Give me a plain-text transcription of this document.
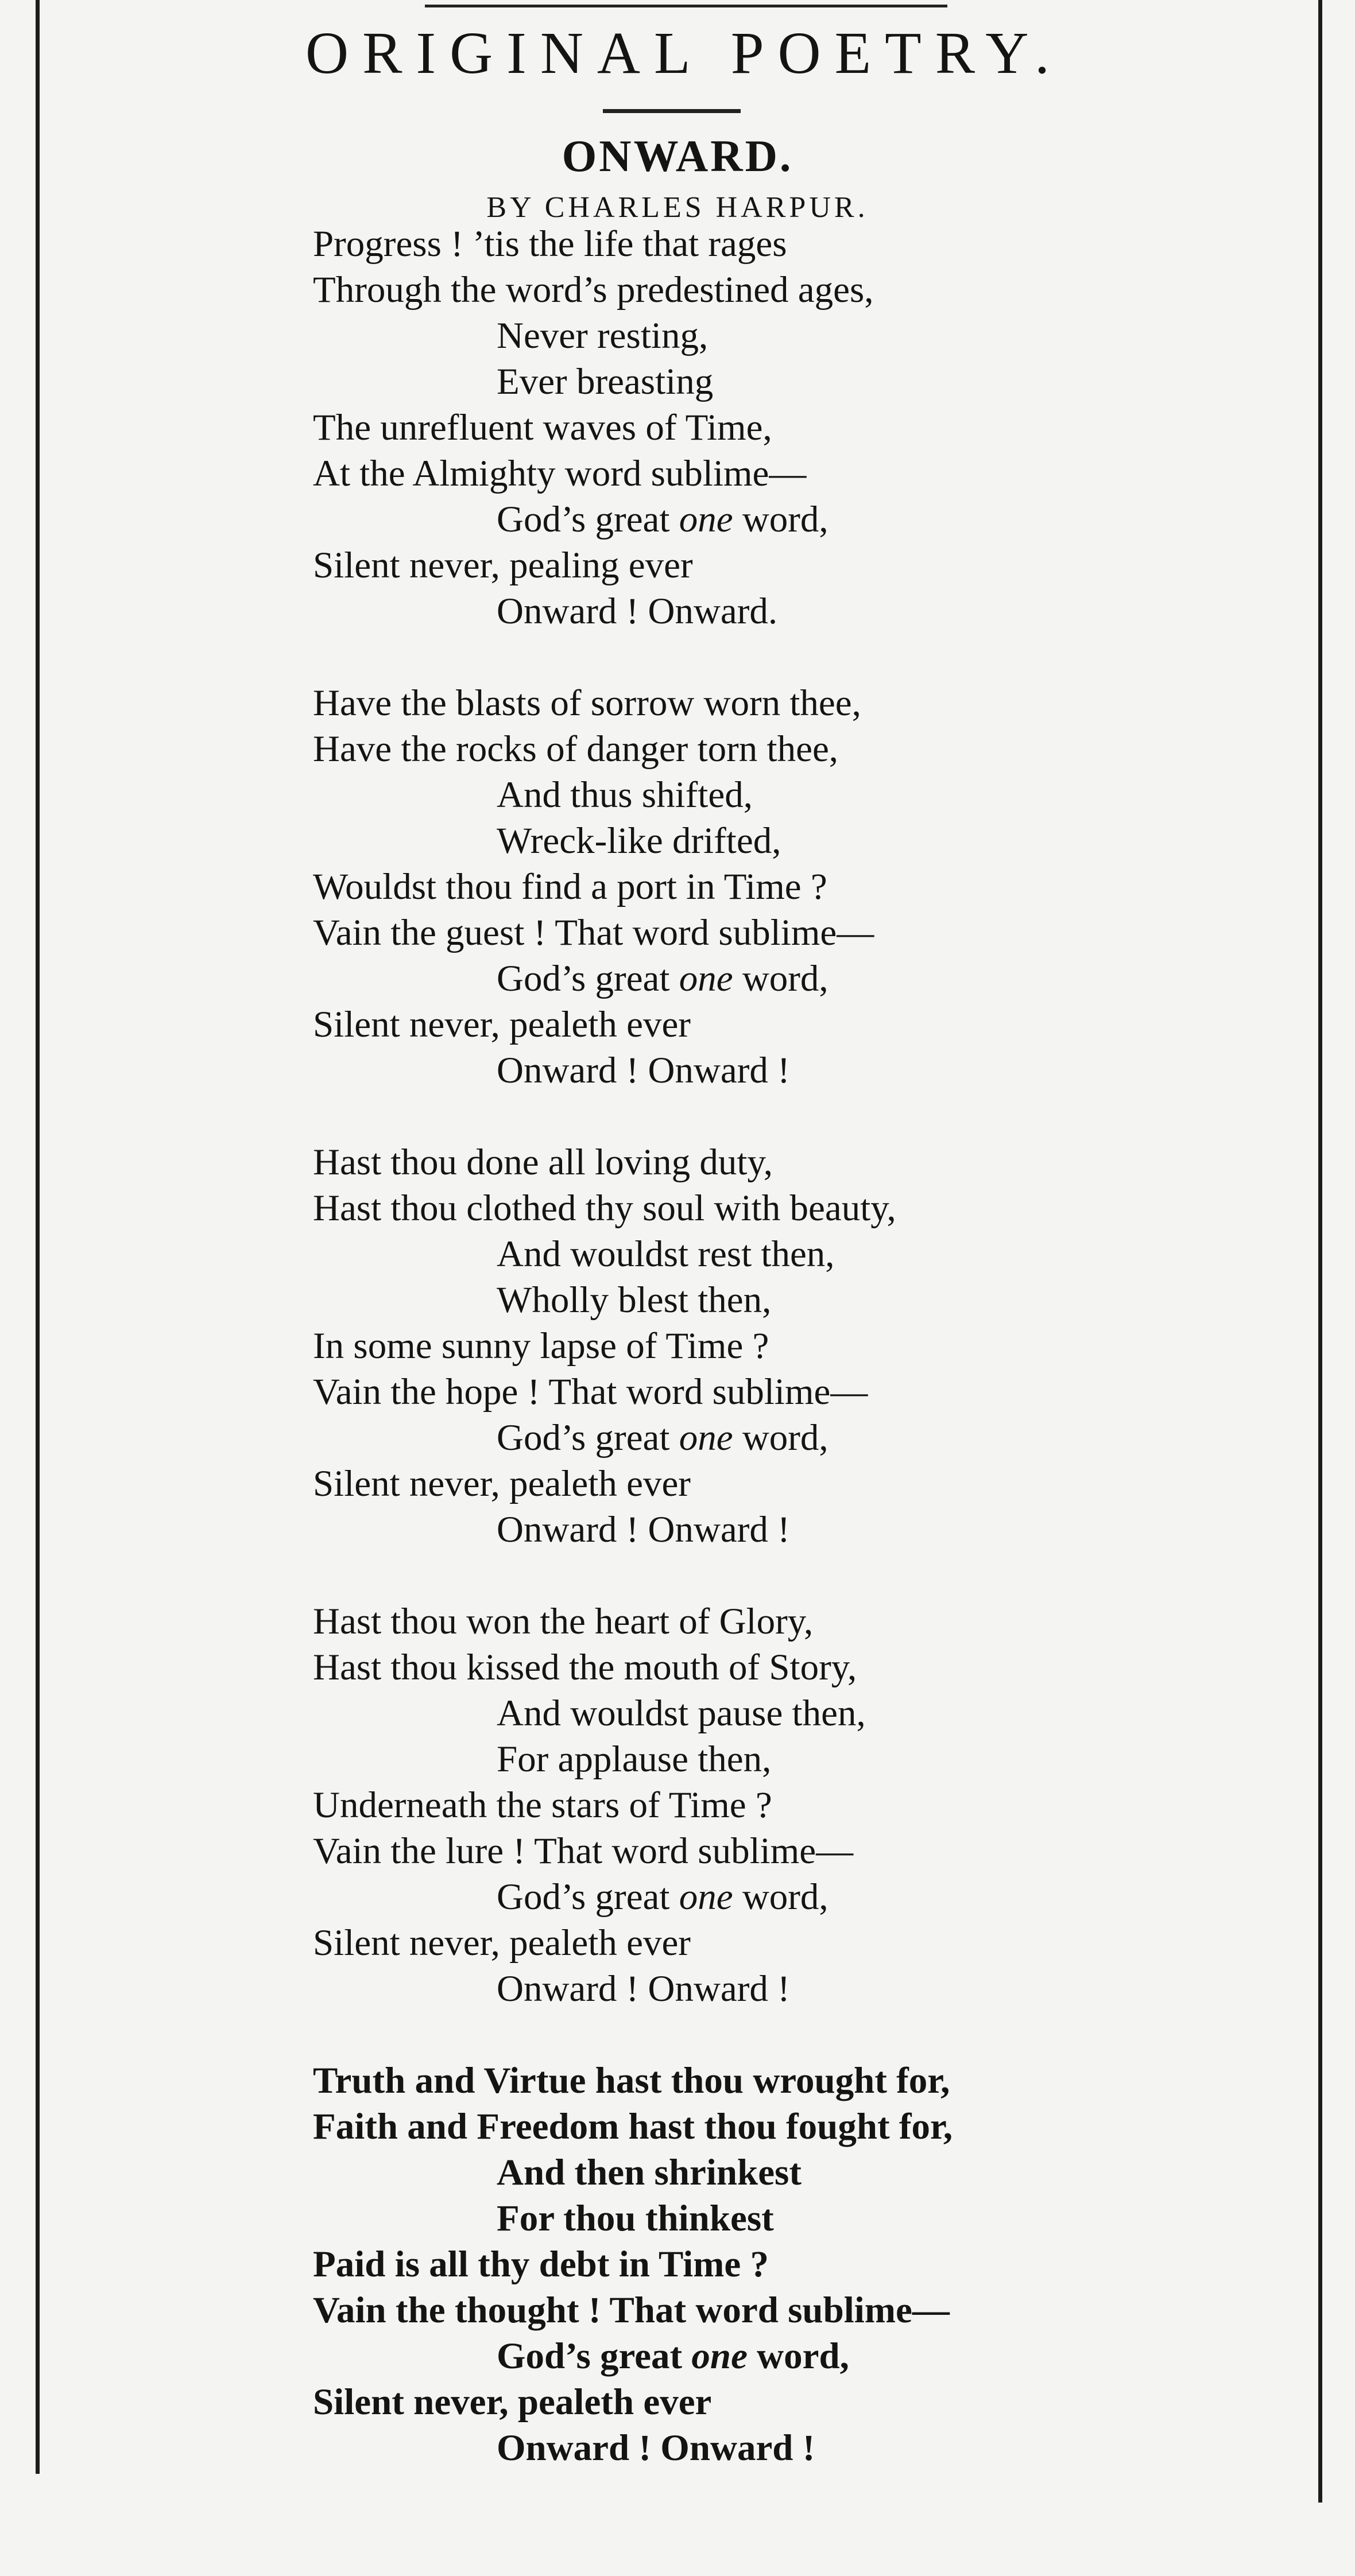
ORIGINAL POETRY.
ONWARD.
BY CHARLES HARPUR.
Progress ! ’tis the life that rages
Through the word’s predestined ages,
Never resting,
Ever breasting
The unrefluent waves of Time,
At the Almighty word sublime—
God’s great one word,
Silent never, pealing ever
Onward ! Onward.
Have the blasts of sorrow worn thee,
Have the rocks of danger torn thee,
And thus shifted,
Wreck-like drifted,
Wouldst thou find a port in Time ?
Vain the guest ! That word sublime—
God’s great one word,
Silent never, pealeth ever
Onward ! Onward !
Hast thou done all loving duty,
Hast thou clothed thy soul with beauty,
And wouldst rest then,
Wholly blest then,
In some sunny lapse of Time ?
Vain the hope ! That word sublime—
God’s great one word,
Silent never, pealeth ever
Onward ! Onward !
Hast thou won the heart of Glory,
Hast thou kissed the mouth of Story,
And wouldst pause then,
For applause then,
Underneath the stars of Time ?
Vain the lure ! That word sublime—
God’s great one word,
Silent never, pealeth ever
Onward ! Onward !
Truth and Virtue hast thou wrought for,
Faith and Freedom hast thou fought for,
And then shrinkest
For thou thinkest
Paid is all thy debt in Time ?
Vain the thought ! That word sublime—
God’s great one word,
Silent never, pealeth ever
Onward ! Onward !
